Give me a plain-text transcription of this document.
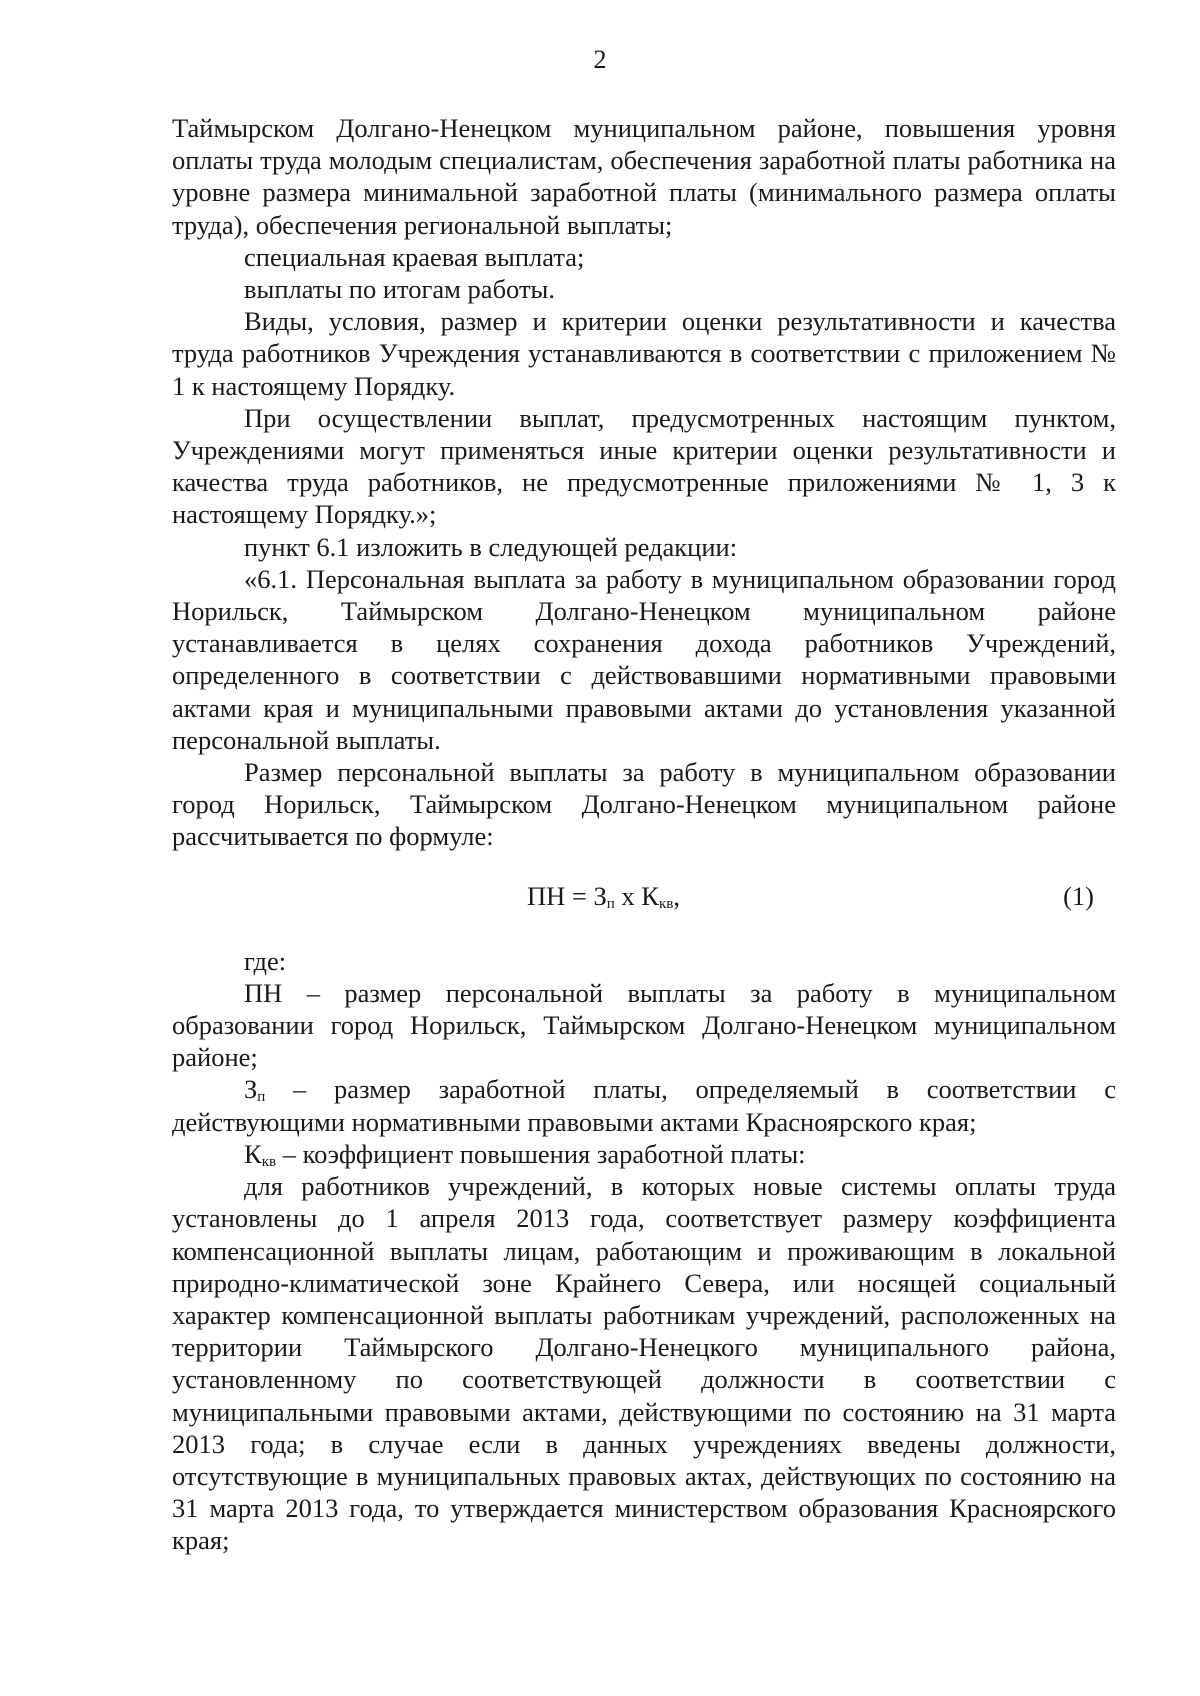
2

Таймырском Долгано-Ненецком муниципальном районе, повышения уровня оплаты труда молодым специалистам, обеспечения заработной платы работника на уровне размера минимальной заработной платы (минимального размера оплаты труда), обеспечения региональной выплаты;

специальная краевая выплата;

выплаты по итогам работы.

Виды, условия, размер и критерии оценки результативности и качества труда работников Учреждения устанавливаются в соответствии с приложением № 1 к настоящему Порядку.

При осуществлении выплат, предусмотренных настоящим пунктом, Учреждениями могут применяться иные критерии оценки результативности и качества труда работников, не предусмотренные приложениями № 1, 3 к настоящему Порядку.»;

пункт 6.1 изложить в следующей редакции:

«6.1. Персональная выплата за работу в муниципальном образовании город Норильск, Таймырском Долгано-Ненецком муниципальном районе устанавливается в целях сохранения дохода работников Учреждений, определенного в соответствии с действовавшими нормативными правовыми актами края и муниципальными правовыми актами до установления указанной персональной выплаты.

Размер персональной выплаты за работу в муниципальном образовании город Норильск, Таймырском Долгано-Ненецком муниципальном районе рассчитывается по формуле:

ПН = $З_п$ х $К_{кв}$,	(1)

где:

ПН – размер персональной выплаты за работу в муниципальном образовании город Норильск, Таймырском Долгано-Ненецком муниципальном районе;

$З_п$ – размер заработной платы, определяемый в соответствии с действующими нормативными правовыми актами Красноярского края;

$К_{кв}$ – коэффициент повышения заработной платы:

для работников учреждений, в которых новые системы оплаты труда установлены до 1 апреля 2013 года, соответствует размеру коэффициента компенсационной выплаты лицам, работающим и проживающим в локальной природно-климатической зоне Крайнего Севера, или носящей социальный характер компенсационной выплаты работникам учреждений, расположенных на территории Таймырского Долгано-Ненецкого муниципального района, установленному по соответствующей должности в соответствии с муниципальными правовыми актами, действующими по состоянию на 31 марта 2013 года; в случае если в данных учреждениях введены должности, отсутствующие в муниципальных правовых актах, действующих по состоянию на 31 марта 2013 года, то утверждается министерством образования Красноярского края;
